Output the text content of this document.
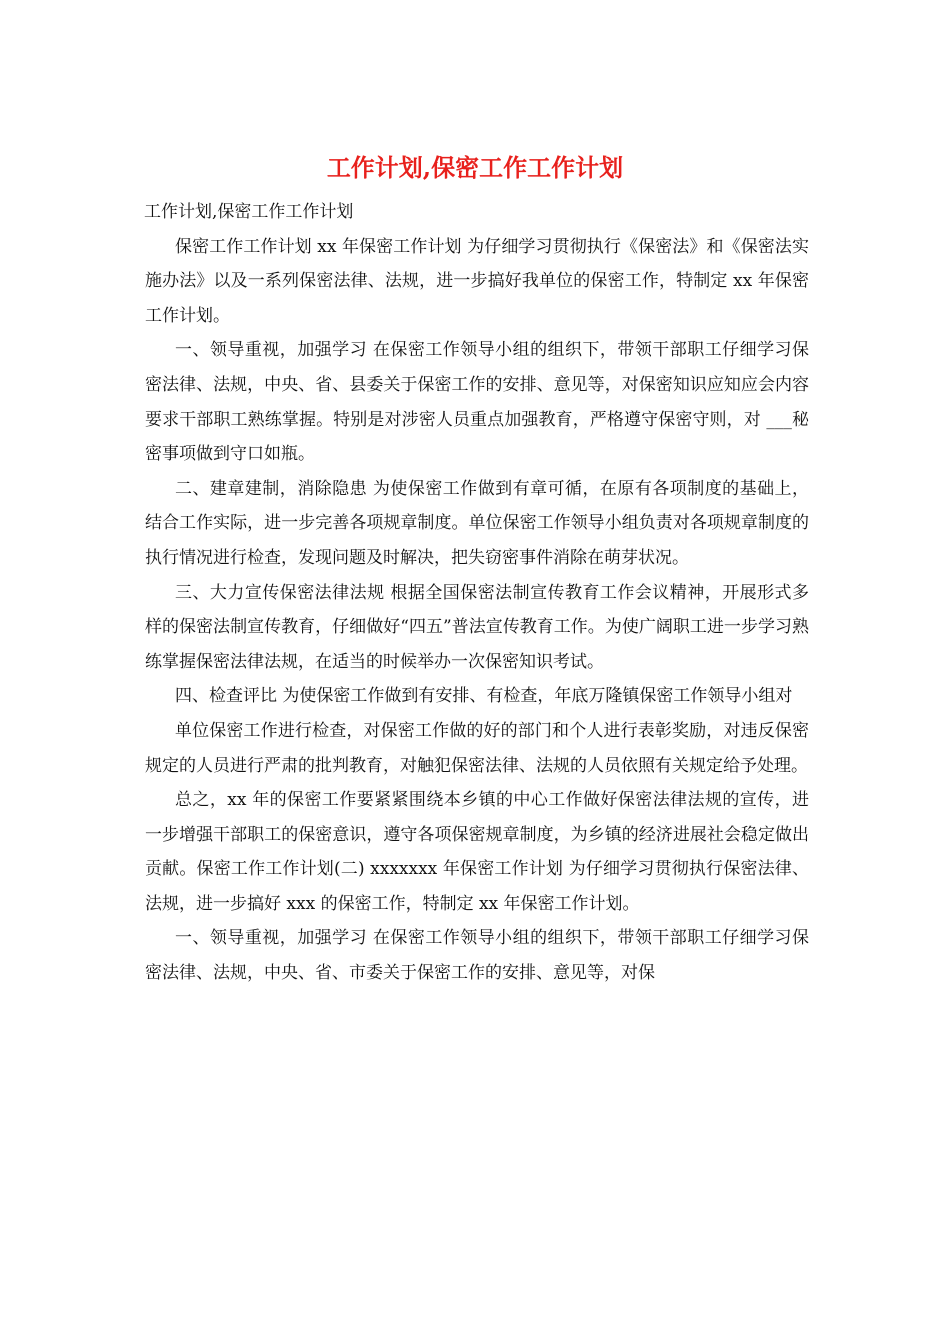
工作计划,保密工作工作计划

工作计划,保密工作工作计划

保密工作工作计划 xx 年保密工作计划 为仔细学习贯彻执行《保密法》和《保密法实施办法》以及一系列保密法律、法规，进一步搞好我单位的保密工作，特制定 xx 年保密工作计划。

一、领导重视，加强学习 在保密工作领导小组的组织下，带领干部职工仔细学习保密法律、法规，中央、省、县委关于保密工作的安排、意见等，对保密知识应知应会内容要求干部职工熟练掌握。特别是对涉密人员重点加强教育，严格遵守保密守则，对 ___秘密事项做到守口如瓶。

二、建章建制，消除隐患 为使保密工作做到有章可循，在原有各项制度的基础上，结合工作实际，进一步完善各项规章制度。单位保密工作领导小组负责对各项规章制度的执行情况进行检查，发现问题及时解决，把失窃密事件消除在萌芽状况。

三、大力宣传保密法律法规 根据全国保密法制宣传教育工作会议精神，开展形式多样的保密法制宣传教育，仔细做好“四五”普法宣传教育工作。为使广阔职工进一步学习熟练掌握保密法律法规，在适当的时候举办一次保密知识考试。

四、检查评比 为使保密工作做到有安排、有检查，年底万隆镇保密工作领导小组对

单位保密工作进行检查，对保密工作做的好的部门和个人进行表彰奖励，对违反保密规定的人员进行严肃的批判教育，对触犯保密法律、法规的人员依照有关规定给予处理。

总之，xx 年的保密工作要紧紧围绕本乡镇的中心工作做好保密法律法规的宣传，进一步增强干部职工的保密意识，遵守各项保密规章制度，为乡镇的经济进展社会稳定做出贡献。保密工作工作计划(二) xxxxxxx 年保密工作计划 为仔细学习贯彻执行保密法律、法规，进一步搞好 xxx 的保密工作，特制定 xx 年保密工作计划。

一、领导重视，加强学习 在保密工作领导小组的组织下，带领干部职工仔细学习保密法律、法规，中央、省、市委关于保密工作的安排、意见等，对保
